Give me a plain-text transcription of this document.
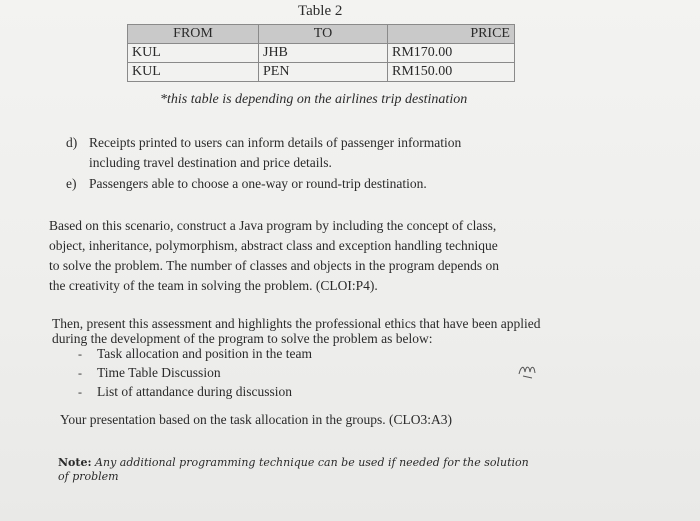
Table 2
FROM	TO	PRICE
KUL	JHB	RM170.00
KUL	PEN	RM150.00
*this table is depending on the airlines trip destination
d) Receipts printed to users can inform details of passenger information
including travel destination and price details.
e) Passengers able to choose a one-way or round-trip destination.
Based on this scenario, construct a Java program by including the concept of class,
object, inheritance, polymorphism, abstract class and exception handling technique
to solve the problem. The number of classes and objects in the program depends on
the creativity of the team in solving the problem. (CLOI:P4).
Then, present this assessment and highlights the professional ethics that have been applied
during the development of the program to solve the problem as below:
- Task allocation and position in the team
- Time Table Discussion
- List of attandance during discussion
Your presentation based on the task allocation in the groups. (CLO3:A3)
Note: Any additional programming technique can be used if needed for the solution
of problem
